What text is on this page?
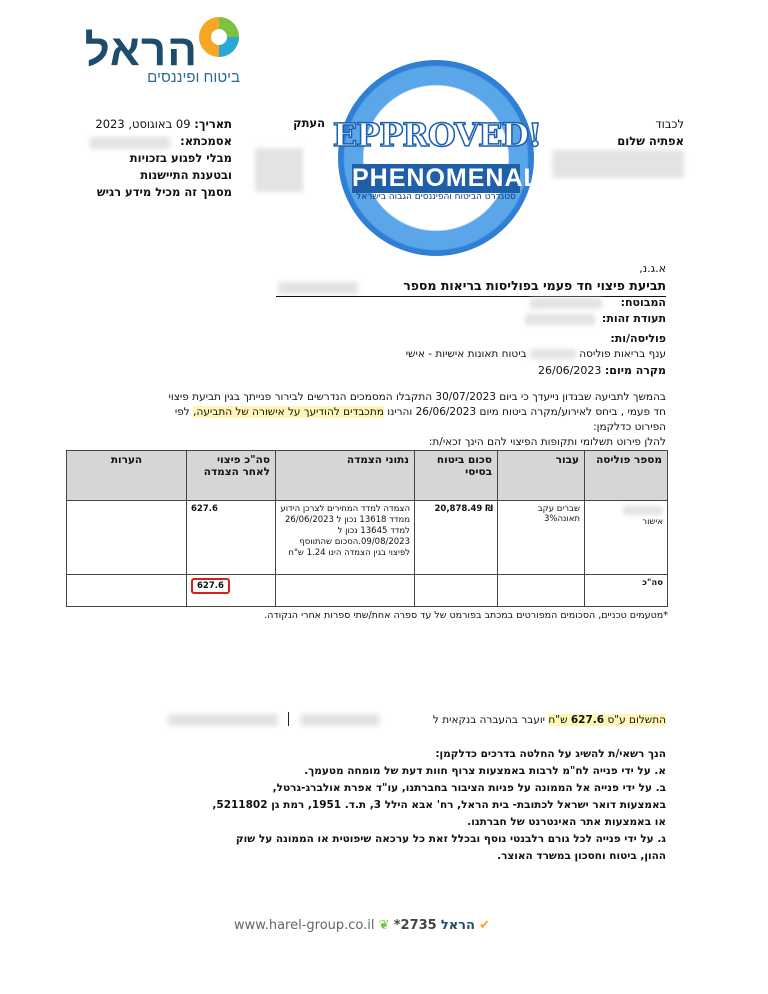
הראל
ביטוח ופיננסים
EPPROVED!
PHENOMENAL
סטנדרט הביטוח והפיננסים הגבוה בישראל
תאריך: 09 באוגוסט, 2023
אסמכתא:
מבלי לפגוע בזכויות
ובטענת התיישנות
מסמך זה מכיל מידע רגיש
העתק	לכבוד
אפתיה שלום
א.ג.נ,
תביעת פיצוי חד פעמי בפוליסות בריאות מספר
המבוטח:
תעודת זהות:
פוליסה/ות:
ענף בריאות פוליסה  ביטוח תאונות אישיות - אישי
מקרה מיום: 26/06/2023
בהמשך לתביעה שבנדון נייעדך כי ביום 30/07/2023 התקבלו המסמכים הנדרשים לבירור פנייתך בגין תביעת פיצוי
חד פעמי , ביחס לאירוע/מקרה ביטוח מיום 26/06/2023 והרינו מתכבדים להודיעך על אישורה של התביעה, לפי
הפירוט כדלקמן:
להלן פירוט תשלומי ותקופות הפיצוי להם הינך זכאי/ת:
מספר פוליסה	עבור	סכום ביטוח בסיסי	נתוני הצמדה	סה"כ פיצוי לאחר הצמדה	הערות

אישור	שברים עקב תאונה3%	₪ 20,878.49	הצמדה למדד המחירים לצרכן הידוע ממדד 13618 נכון ל 26/06/2023 למדד 13645 נכון ל 09/08/2023.הסכום שהתווסף לפיצוי בגין הצמדה הינו 1.24 ש"ח	627.6	
סה"כ				627.6	
*מטעמים טכניים, הסכומים המפורטים במכתב בפורמט של עד ספרה אחת/שתי ספרות אחרי הנקודה.
התשלום ע"ס 627.6 ש"ח יועבר בהעברה בנקאית ל
הנך רשאי/ת להשיג על החלטה בדרכים כדלקמן:
א. על ידי פנייה לח"מ לרבות באמצעות צרוף חוות דעת של מומחה מטעמך.
ב. על ידי פנייה אל הממונה על פניות הציבור בחברתנו, עו"ד אפרת אולברג-גרטל,
באמצעות דואר ישראל לכתובת- בית הראל, רח' אבא הילל 3, ת.ד. 1951, רמת גן 5211802,
או באמצעות אתר האינטרנט של חברתנו.
ג. על ידי פנייה לכל גורם רלבנטי נוסף ובכלל זאת כל ערכאה שיפוטית או הממונה על שוק
ההון, ביטוח וחסכון במשרד האוצר.
www.harel-group.co.il ❦ *2735 הראל ✔
